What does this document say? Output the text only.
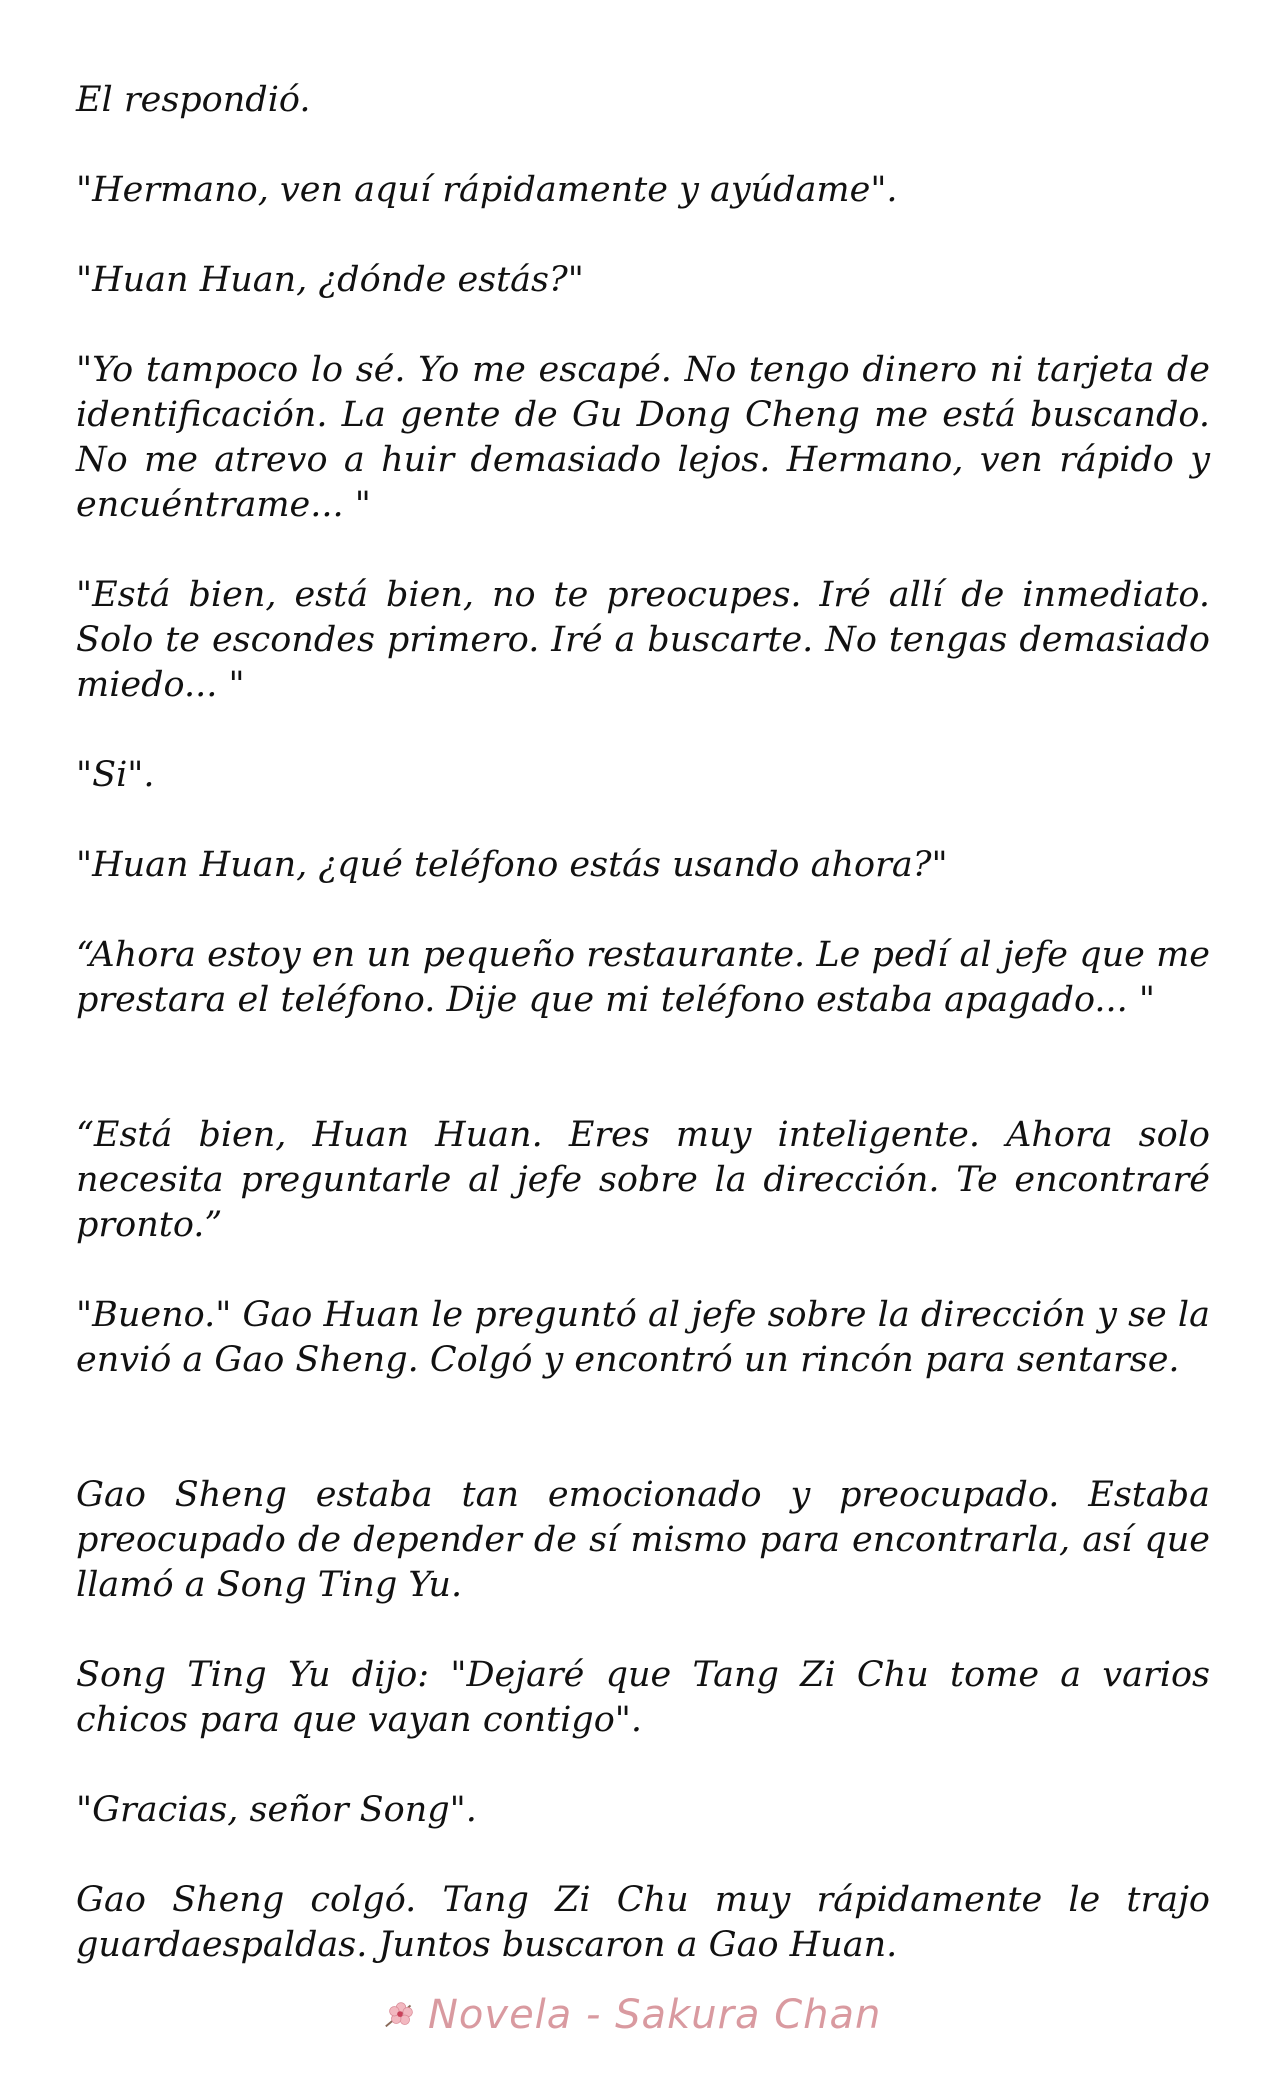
El respondió.

"Hermano, ven aquí rápidamente y ayúdame".

"Huan Huan, ¿dónde estás?"

"Yo tampoco lo sé. Yo me escapé. No tengo dinero ni tarjeta de identificación. La gente de Gu Dong Cheng me está buscando. No me atrevo a huir demasiado lejos. Hermano, ven rápido y encuéntrame... "

"Está bien, está bien, no te preocupes. Iré allí de inmediato. Solo te escondes primero. Iré a buscarte. No tengas demasiado miedo... "

"Si".

"Huan Huan, ¿qué teléfono estás usando ahora?"

“Ahora estoy en un pequeño restaurante. Le pedí al jefe que me prestara el teléfono. Dije que mi teléfono estaba apagado... "

“Está bien, Huan Huan. Eres muy inteligente. Ahora solo necesita preguntarle al jefe sobre la dirección. Te encontraré pronto.”

"Bueno." Gao Huan le preguntó al jefe sobre la dirección y se la envió a Gao Sheng. Colgó y encontró un rincón para sentarse.

Gao Sheng estaba tan emocionado y preocupado. Estaba preocupado de depender de sí mismo para encontrarla, así que llamó a Song Ting Yu.

Song Ting Yu dijo: "Dejaré que Tang Zi Chu tome a varios chicos para que vayan contigo".

"Gracias, señor Song".

Gao Sheng colgó. Tang Zi Chu muy rápidamente le trajo guardaespaldas. Juntos buscaron a Gao Huan.

Novela - Sakura Chan
